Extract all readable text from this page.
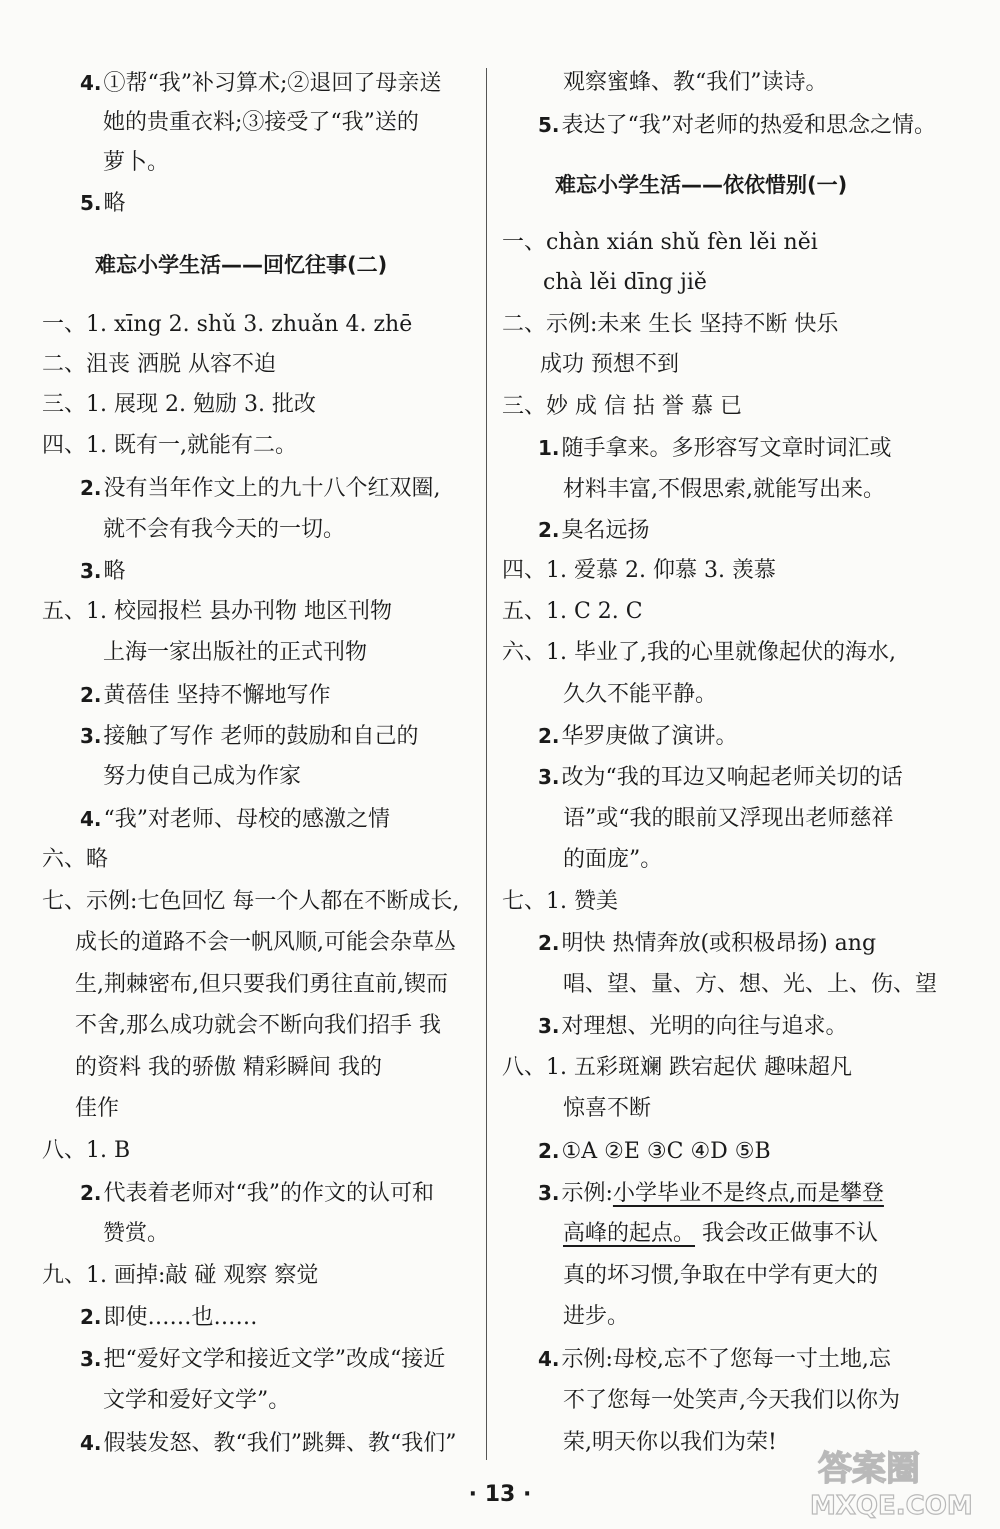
4.①帮“我”补习算术;②退回了母亲送
她的贵重衣料;③接受了“我”送的
萝卜。
5.略
难忘小学生活——回忆往事(二)
一、1. xīng 2. shǔ 3. zhuǎn 4. zhē
二、沮丧 洒脱 从容不迫
三、1. 展现 2. 勉励 3. 批改
四、1. 既有一,就能有二。
2.没有当年作文上的九十八个红双圈,
就不会有我今天的一切。
3.略
五、1. 校园报栏 县办刊物 地区刊物
上海一家出版社的正式刊物
2.黄蓓佳 坚持不懈地写作
3.接触了写作 老师的鼓励和自己的
努力使自己成为作家
4.“我”对老师、母校的感激之情
六、略
七、示例:七色回忆 每一个人都在不断成长,
成长的道路不会一帆风顺,可能会杂草丛
生,荆棘密布,但只要我们勇往直前,锲而
不舍,那么成功就会不断向我们招手 我
的资料 我的骄傲 精彩瞬间 我的
佳作
八、1. B
2.代表着老师对“我”的作文的认可和
赞赏。
九、1. 画掉:敲 碰 观察 察觉
2.即使……也……
3.把“爱好文学和接近文学”改成“接近
文学和爱好文学”。
4.假装发怒、教“我们”跳舞、教“我们”
观察蜜蜂、教“我们”读诗。
5.表达了“我”对老师的热爱和思念之情。
难忘小学生活——依依惜别(一)
一、chàn xián shǔ fèn lěi něi
chà lěi dīng jiě
二、示例:未来 生长 坚持不断 快乐
成功 预想不到
三、妙 成 信 拈 誉 慕 已
1.随手拿来。多形容写文章时词汇或
材料丰富,不假思索,就能写出来。
2.臭名远扬
四、1. 爱慕 2. 仰慕 3. 羡慕
五、1. C 2. C
六、1. 毕业了,我的心里就像起伏的海水,
久久不能平静。
2.华罗庚做了演讲。
3.改为“我的耳边又响起老师关切的话
语”或“我的眼前又浮现出老师慈祥
的面庞”。
七、1. 赞美
2.明快 热情奔放(或积极昂扬) ang
唱、望、量、方、想、光、上、伤、望
3.对理想、光明的向往与追求。
八、1. 五彩斑斓 跌宕起伏 趣味超凡
惊喜不断
2.①A ②E ③C ④D ⑤B
3.示例:小学毕业不是终点,而是攀登
高峰的起点。 我会改正做事不认
真的坏习惯,争取在中学有更大的
进步。
4.示例:母校,忘不了您每一寸土地,忘
不了您每一处笑声,今天我们以你为
荣,明天你以我们为荣!
· 13 ·
答案圈
MXQE.COM
